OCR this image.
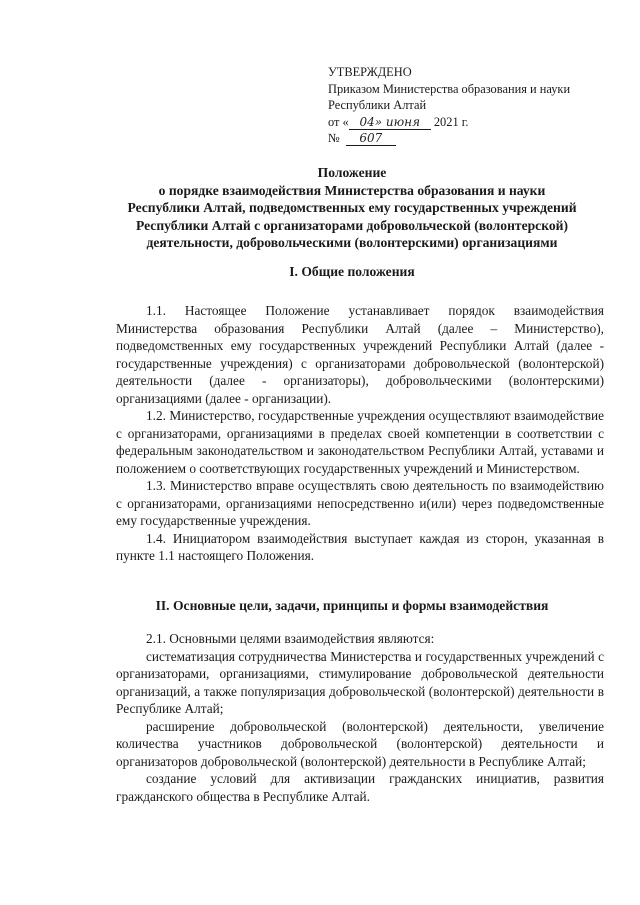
УТВЕРЖДЕНО
Приказом Министерства образования и науки
Республики Алтай
от « 04» июня 2021 г.
№ 607
Положение
о порядке взаимодействия Министерства образования и науки
Республики Алтай, подведомственных ему государственных учреждений
Республики Алтай с организаторами добровольческой (волонтерской)
деятельности, добровольческими (волонтерскими) организациями
I. Общие положения

1.1. Настоящее Положение устанавливает порядок взаимодействия Министерства образования Республики Алтай (далее – Министерство), подведомственных ему государственных учреждений Республики Алтай (далее - государственные учреждения) с организаторами добровольческой (волонтерской) деятельности (далее - организаторы), добровольческими (волонтерскими) организациями (далее - организации).

1.2. Министерство, государственные учреждения осуществляют взаимодействие с организаторами, организациями в пределах своей компетенции в соответствии с федеральным законодательством и законодательством Республики Алтай, уставами и положением о соответствующих государственных учреждений и Министерством.

1.3. Министерство вправе осуществлять свою деятельность по взаимодействию с организаторами, организациями непосредственно и(или) через подведомственные ему государственные учреждения.

1.4. Инициатором взаимодействия выступает каждая из сторон, указанная в пункте 1.1 настоящего Положения.

II. Основные цели, задачи, принципы и формы взаимодействия

2.1. Основными целями взаимодействия являются:

систематизация сотрудничества Министерства и государственных учреждений с организаторами, организациями, стимулирование добровольческой деятельности организаций, а также популяризация добровольческой (волонтерской) деятельности в Республике Алтай;

расширение добровольческой (волонтерской) деятельности, увеличение количества участников добровольческой (волонтерской) деятельности и организаторов добровольческой (волонтерской) деятельности в Республике Алтай;

создание условий для активизации гражданских инициатив, развития гражданского общества в Республике Алтай.
